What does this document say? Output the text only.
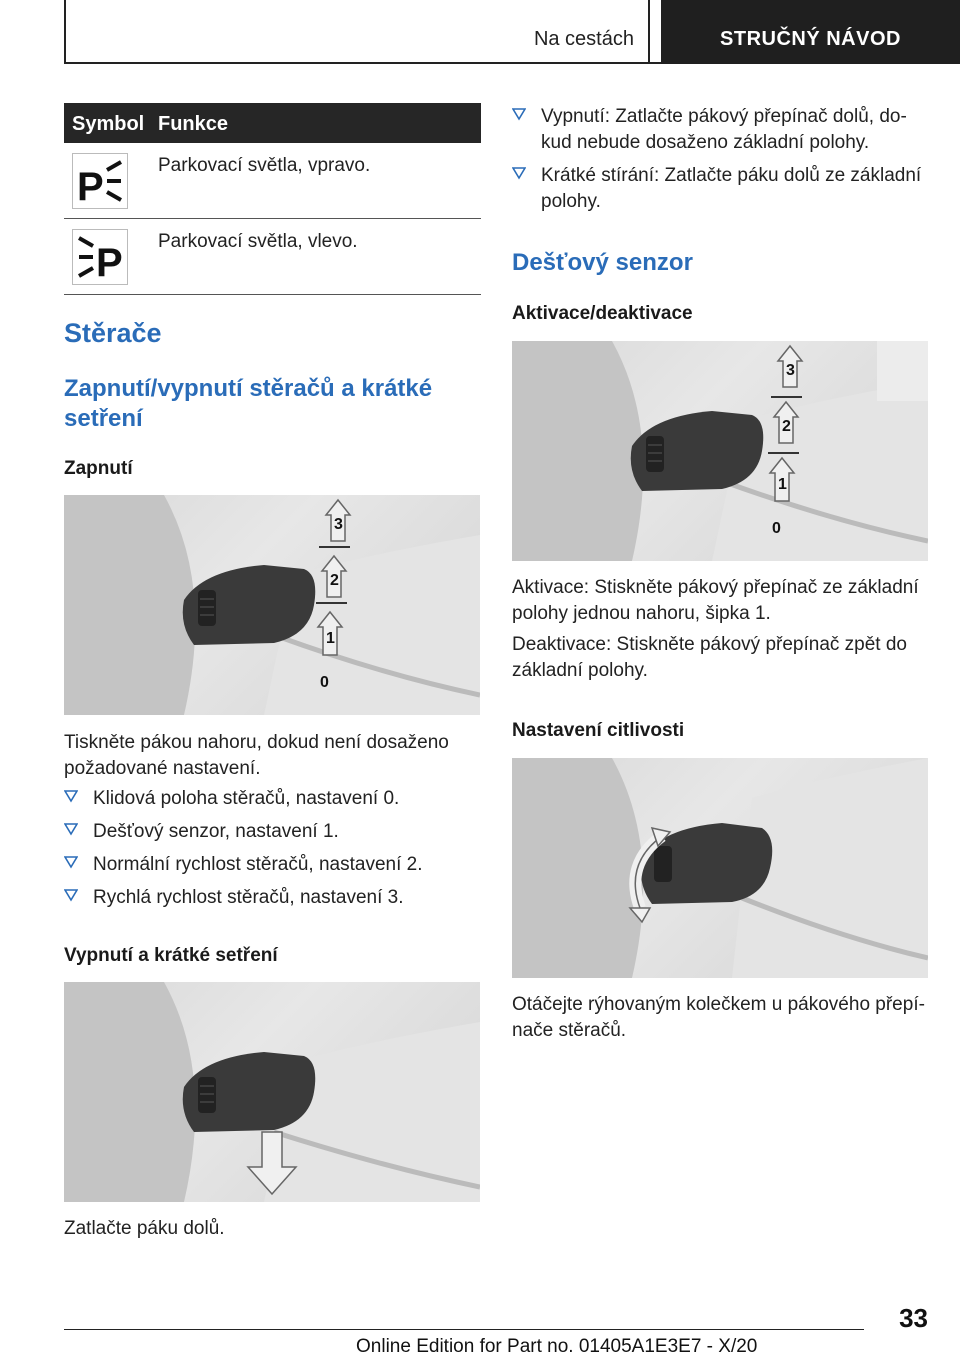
Na cestách	STRUČNÝ NÁVOD
Symbol Funkce
P	Parkovací světla, vpravo.
P Parkovací světla, vlevo.
Stěrače
Zapnutí/vypnutí stěračů a krátké
setření
Zapnutí
3
2
1
0
Tiskněte pákou nahoru, dokud není dosaženo
požadované nastavení.
Klidová poloha stěračů, nastavení 0.
Dešťový senzor, nastavení 1.
Normální rychlost stěračů, nastavení 2.
Rychlá rychlost stěračů, nastavení 3.
Vypnutí a krátké setření
Zatlačte páku dolů.
Vypnutí: Zatlačte pákový přepínač dolů, do-
kud nebude dosaženo základní polohy.
Krátké stírání: Zatlačte páku dolů ze základní
polohy.
Dešťový senzor
Aktivace/deaktivace
3
2
1
0
Aktivace: Stiskněte pákový přepínač ze základní
polohy jednou nahoru, šipka 1.
Deaktivace: Stiskněte pákový přepínač zpět do
základní polohy.
Nastavení citlivosti
Otáčejte rýhovaným kolečkem u pákového přepí-
nače stěračů.
33
Online Edition for Part no. 01405A1E3E7 - X/20
